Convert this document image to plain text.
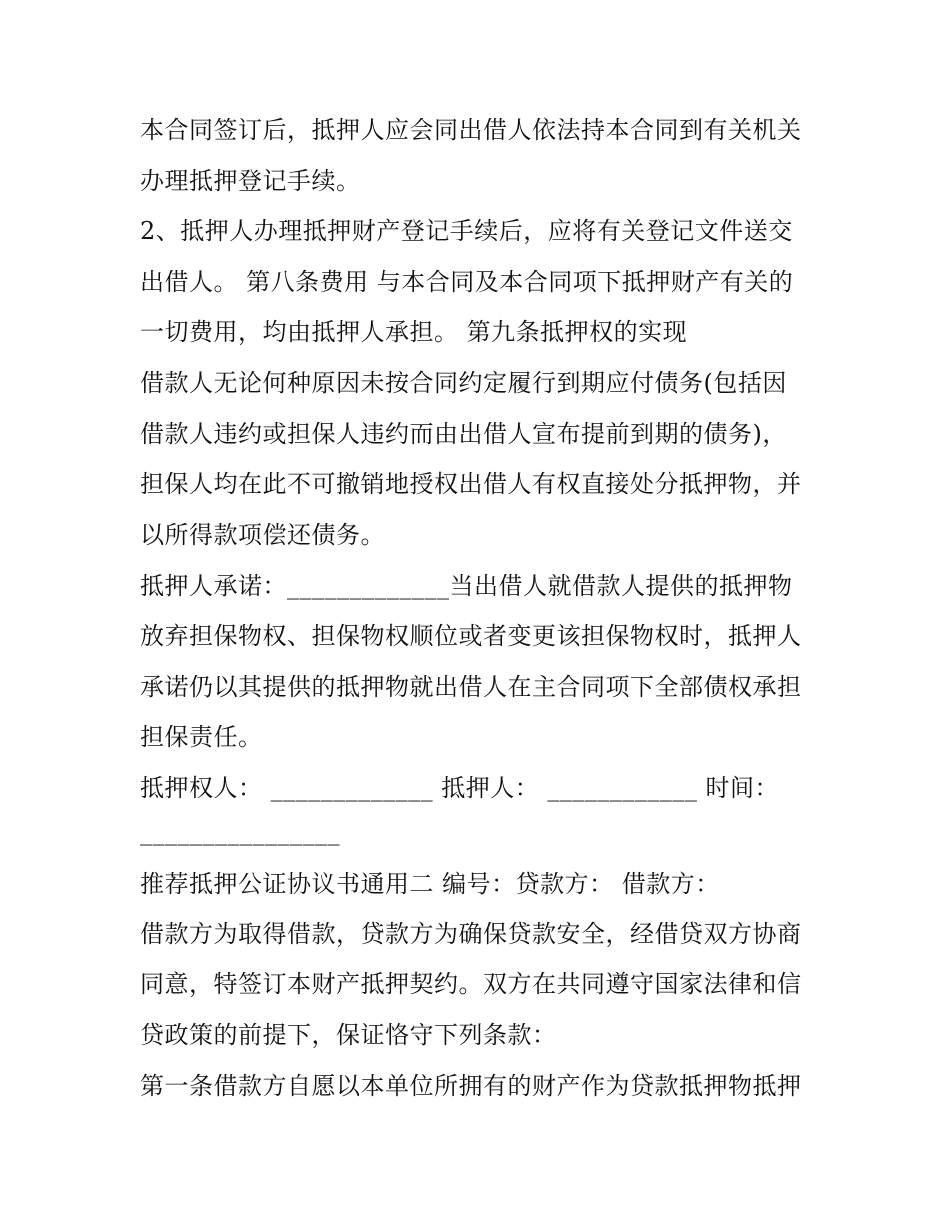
本合同签订后，抵押人应会同出借人依法持本合同到有关机关
办理抵押登记手续。
2、抵押人办理抵押财产登记手续后，应将有关登记文件送交
出借人。 第八条费用 与本合同及本合同项下抵押财产有关的
一切费用，均由抵押人承担。 第九条抵押权的实现
借款人无论何种原因未按合同约定履行到期应付债务(包括因
借款人违约或担保人违约而由出借人宣布提前到期的债务)，
担保人均在此不可撤销地授权出借人有权直接处分抵押物，并
以所得款项偿还债务。
抵押人承诺：_____________当出借人就借款人提供的抵押物
放弃担保物权、担保物权顺位或者变更该担保物权时，抵押人
承诺仍以其提供的抵押物就出借人在主合同项下全部债权承担
担保责任。
抵押权人： _____________ 抵押人： ____________ 时间：
________________
推荐抵押公证协议书通用二 编号：贷款方： 借款方：
借款方为取得借款，贷款方为确保贷款安全，经借贷双方协商
同意，特签订本财产抵押契约。双方在共同遵守国家法律和信
贷政策的前提下，保证恪守下列条款：
第一条借款方自愿以本单位所拥有的财产作为贷款抵押物抵押
